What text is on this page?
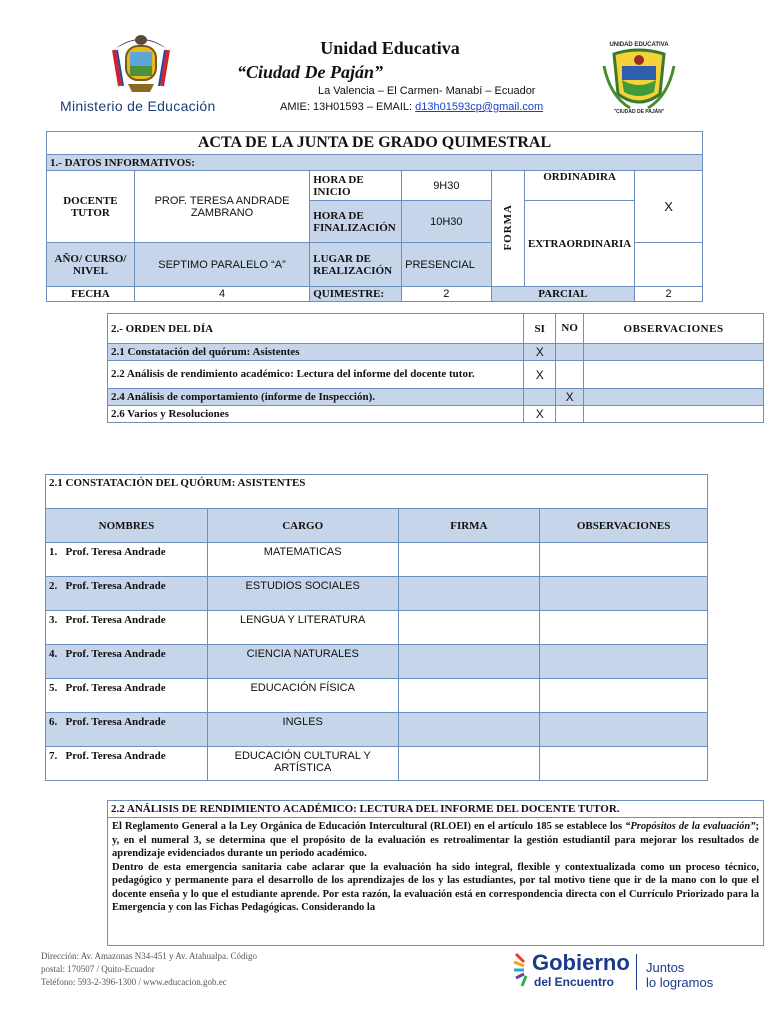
Ministerio de Educación
Unidad Educativa
“Ciudad De Paján”
La Valencia – El Carmen- Manabí – Ecuador
AMIE: 13H01593 – EMAIL: d13h01593cp@gmail.com
UNIDAD EDUCATIVA
"CIUDAD DE PAJÁN"
ACTA DE LA JUNTA DE GRADO QUIMESTRAL						
1.- DATOS INFORMATIVOS:						
DOCENTE TUTOR	PROF. TERESA ANDRADE ZAMBRANO	HORA DE INICIO	9H30	FORMA	ORDINADIRA	X
		HORA DE FINALIZACIÓN	10H30		EXTRAORDINARIA	
AÑO/ CURSO/ NIVEL	SEPTIMO PARALELO “A”	LUGAR DE REALIZACIÓN	PRESENCIAL			
FECHA	4	QUIMESTRE:	2	PARCIAL		2
2.- ORDEN DEL DÍA	SI	NO	OBSERVACIONES
2.1 Constatación del quórum: Asistentes	X		
2.2 Análisis de rendimiento académico: Lectura del informe del docente tutor.	X		
2.4 Análisis de comportamiento (informe de Inspección).		X	
2.6 Varios y Resoluciones	X		
2.1 CONSTATACIÓN DEL QUÓRUM: ASISTENTES			
NOMBRES	CARGO	FIRMA	OBSERVACIONES
1.   Prof. Teresa Andrade	MATEMATICAS		
2.   Prof. Teresa Andrade	ESTUDIOS SOCIALES		
3.   Prof. Teresa Andrade	LENGUA Y LITERATURA		
4.   Prof. Teresa Andrade	CIENCIA NATURALES		
5.   Prof. Teresa Andrade	EDUCACIÓN FÍSICA		
6.   Prof. Teresa Andrade	INGLES		
7.   Prof. Teresa Andrade	EDUCACIÓN CULTURAL Y ARTÍSTICA		
2.2 ANÁLISIS DE RENDIMIENTO ACADÉMICO: LECTURA DEL INFORME DEL DOCENTE TUTOR.
El Reglamento General a la Ley Orgánica de Educación Intercultural (RLOEI) en el artículo 185 se establece los “Propósitos de la evaluación”; y, en el numeral 3, se determina que el propósito de la evaluación es retroalimentar la gestión estudiantil para mejorar los resultados de aprendizaje evidenciados durante un periodo académico.
Dentro de esta emergencia sanitaria cabe aclarar que la evaluación ha sido integral, flexible y contextualizada como un proceso técnico, pedagógico y permanente para el desarrollo de los aprendizajes de los y las estudiantes, por tal motivo tiene que ir de la mano con lo que el docente enseña y lo que el estudiante aprende. Por esta razón, la evaluación está en correspondencia directa con el Currículo Priorizado para la Emergencia y con las Fichas Pedagógicas. Considerando la
Dirección: Av. Amazonas N34-451 y Av. Atahualpa. Código
postal: 170507 / Quito-Ecuador
Teléfono: 593-2-396-1300 / www.educacion.gob.ec
Gobierno
del Encuentro
Juntos
lo logramos
